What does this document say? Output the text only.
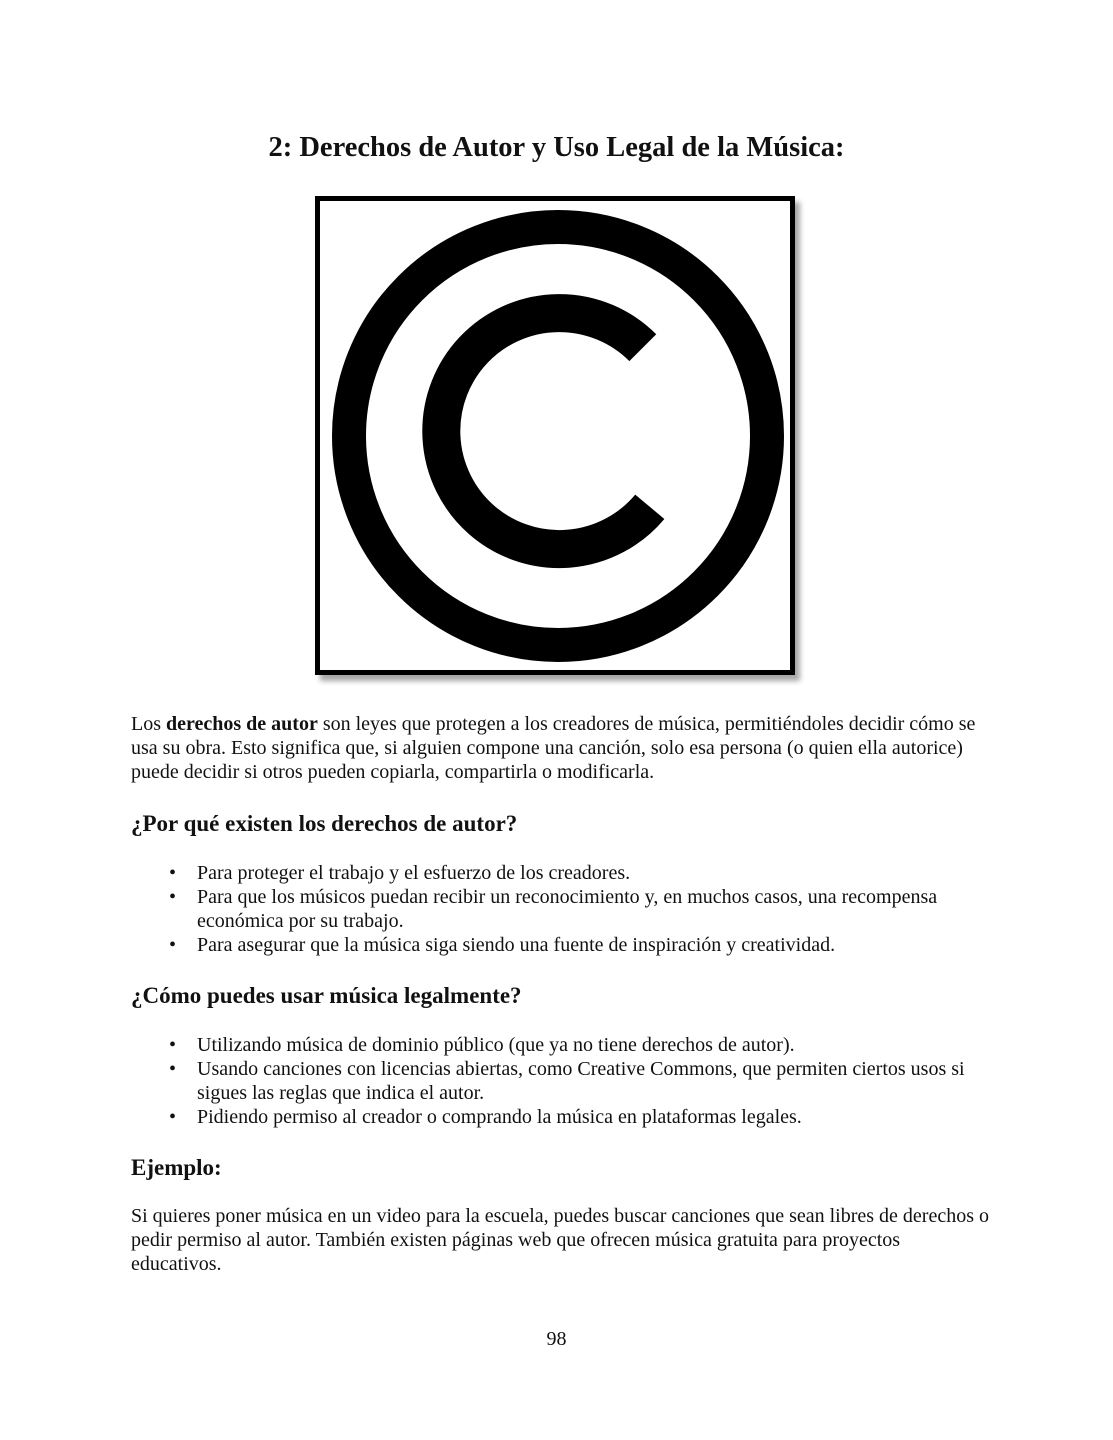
2: Derechos de Autor y Uso Legal de la Música:

Los derechos de autor son leyes que protegen a los creadores de música, permitiéndoles decidir cómo se usa su obra. Esto significa que, si alguien compone una canción, solo esa persona (o quien ella autorice) puede decidir si otros pueden copiarla, compartirla o modificarla.

¿Por qué existen los derechos de autor?
• Para proteger el trabajo y el esfuerzo de los creadores.
• Para que los músicos puedan recibir un reconocimiento y, en muchos casos, una recompensa económica por su trabajo.
• Para asegurar que la música siga siendo una fuente de inspiración y creatividad.
¿Cómo puedes usar música legalmente?
• Utilizando música de dominio público (que ya no tiene derechos de autor).
• Usando canciones con licencias abiertas, como Creative Commons, que permiten ciertos usos si sigues las reglas que indica el autor.
• Pidiendo permiso al creador o comprando la música en plataformas legales.
Ejemplo:

Si quieres poner música en un video para la escuela, puedes buscar canciones que sean libres de derechos o pedir permiso al autor. También existen páginas web que ofrecen música gratuita para proyectos educativos.

98
